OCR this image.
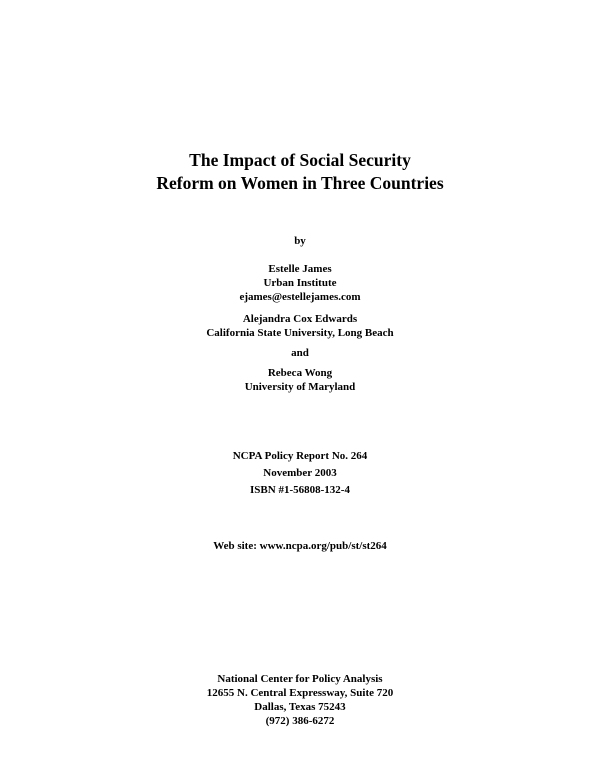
The Impact of Social Security
Reform on Women in Three Countries
by
Estelle James
Urban Institute
ejames@estellejames.com
Alejandra Cox Edwards
California State University, Long Beach
and
Rebeca Wong
University of Maryland
NCPA Policy Report No. 264
November 2003
ISBN #1-56808-132-4
Web site: www.ncpa.org/pub/st/st264
National Center for Policy Analysis
12655 N. Central Expressway, Suite 720
Dallas, Texas 75243
(972) 386-6272
